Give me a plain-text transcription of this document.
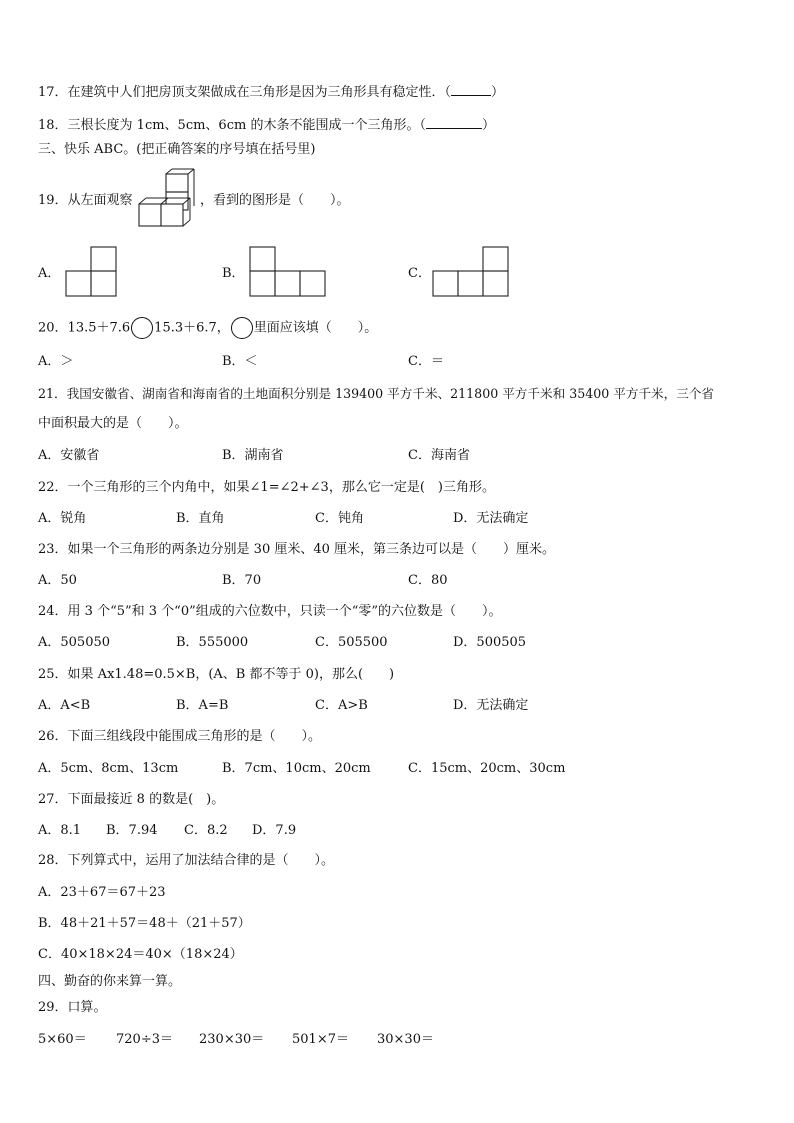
17．在建筑中人们把房顶支架做成在三角形是因为三角形具有稳定性．（	）
18．三根长度为 1cm、5cm、6cm 的木条不能围成一个三角形。（	）
三、快乐 ABC。(把正确答案的序号填在括号里)
19．从左面观察	，看到的图形是（　　）。
A．	B．	C．
20．13.5＋7.6 15.3＋6.7， 里面应该填（　　）。
A．＞	B．＜	C．＝
21．我国安徽省、湖南省和海南省的土地面积分别是 139400 平方千米、211800 平方千米和 35400 平方千米，三个省
中面积最大的是（　　）。
A．安徽省	B．湖南省	C．海南省
22．一个三角形的三个内角中，如果∠1=∠2+∠3，那么它一定是(　)三角形。
A．锐角	B．直角	C．钝角	D．无法确定
23．如果一个三角形的两条边分别是 30 厘米、40 厘米，第三条边可以是（　　）厘米。
A．50	B．70	C．80
24．用 3 个“5”和 3 个“0”组成的六位数中，只读一个“零”的六位数是（　　）。
A．505050	B．555000	C．505500	D．500505
25．如果 Ax1.48=0.5×B，(A、B 都不等于 0)，那么(　　)
A．A<B	B．A=B	C．A>B	D．无法确定
26．下面三组线段中能围成三角形的是（　　）。
A．5cm、8cm、13cm	B．7cm、10cm、20cm	C．15cm、20cm、30cm
27．下面最接近 8 的数是(　)。
A．8.1 B．7.94 C．8.2 D．7.9
28．下列算式中，运用了加法结合律的是（　　）。
A．23＋67＝67＋23
B．48＋21＋57＝48＋（21＋57）
C．40×18×24＝40×（18×24）
四、勤奋的你来算一算。
29．口算。
5×60＝ 720÷3＝ 230×30＝ 501×7＝ 30×30＝
